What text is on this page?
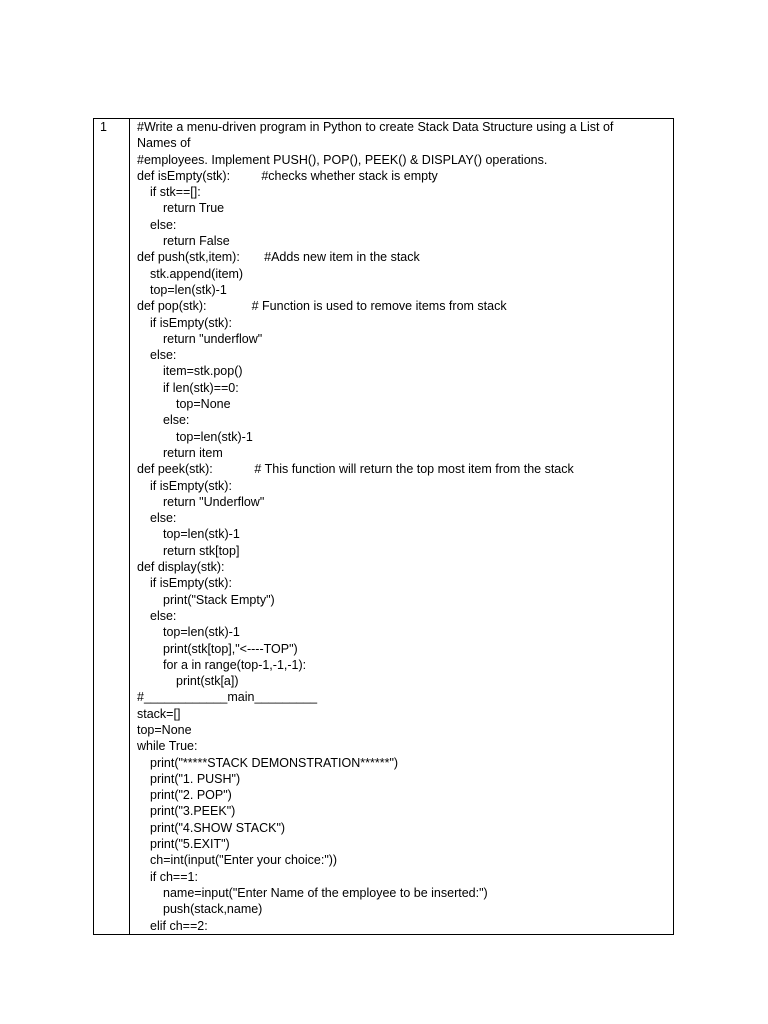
1 #Write a menu-driven program in Python to create Stack Data Structure using a List of
Names of
#employees. Implement PUSH(), POP(), PEEK() & DISPLAY() operations.
def isEmpty(stk):         #checks whether stack is empty
if stk==[]:
return True
else:
return False
def push(stk,item):       #Adds new item in the stack
stk.append(item)
top=len(stk)-1
def pop(stk):             # Function is used to remove items from stack
if isEmpty(stk):
return "underflow"
else:
item=stk.pop()
if len(stk)==0:
top=None
else:
top=len(stk)-1
return item
def peek(stk):            # This function will return the top most item from the stack
if isEmpty(stk):
return "Underflow"
else:
top=len(stk)-1
return stk[top]
def display(stk):
if isEmpty(stk):
print("Stack Empty")
else:
top=len(stk)-1
print(stk[top],"<----TOP")
for a in range(top-1,-1,-1):
print(stk[a])
#____________main_________
stack=[]
top=None
while True:
print("*****STACK DEMONSTRATION******")
print("1. PUSH")
print("2. POP")
print("3.PEEK")
print("4.SHOW STACK")
print("5.EXIT")
ch=int(input("Enter your choice:"))
if ch==1:
name=input("Enter Name of the employee to be inserted:")
push(stack,name)
elif ch==2:
